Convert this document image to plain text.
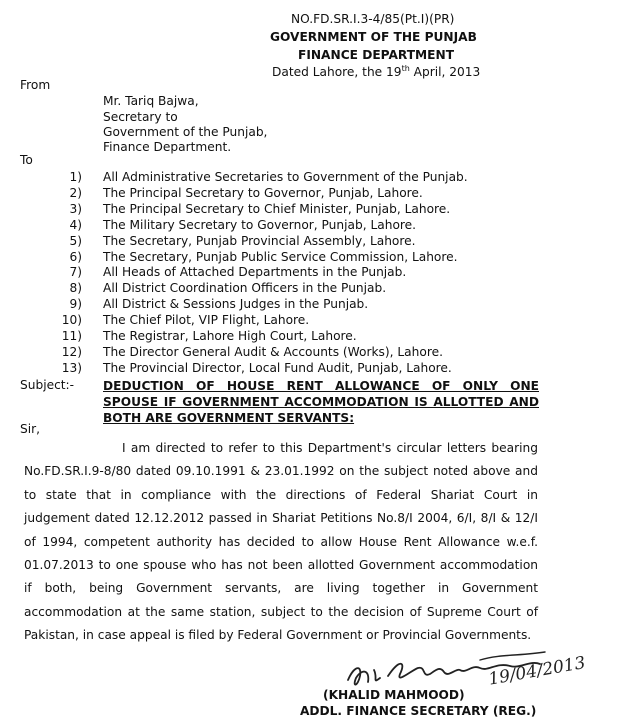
NO.FD.SR.I.3-4/85(Pt.I)(PR)
GOVERNMENT OF THE PUNJAB
FINANCE DEPARTMENT
Dated Lahore, the 19th April, 2013
From
Mr. Tariq Bajwa,
Secretary to
Government of the Punjab,
Finance Department.
To
1) All Administrative Secretaries to Government of the Punjab.
2) The Principal Secretary to Governor, Punjab, Lahore.
3) The Principal Secretary to Chief Minister, Punjab, Lahore.
4) The Military Secretary to Governor, Punjab, Lahore.
5) The Secretary, Punjab Provincial Assembly, Lahore.
6) The Secretary, Punjab Public Service Commission, Lahore.
7) All Heads of Attached Departments in the Punjab.
8) All District Coordination Officers in the Punjab.
9) All District & Sessions Judges in the Punjab.
10) The Chief Pilot, VIP Flight, Lahore.
11) The Registrar, Lahore High Court, Lahore.
12) The Director General Audit & Accounts (Works), Lahore.
13) The Provincial Director, Local Fund Audit, Punjab, Lahore.
Subject:- DEDUCTION OF HOUSE RENT ALLOWANCE OF ONLY ONE SPOUSE IF GOVERNMENT ACCOMMODATION IS ALLOTTED AND BOTH ARE GOVERNMENT SERVANTS:
Sir,

I am directed to refer to this Department's circular letters bearing No.FD.SR.I.9-8/80 dated 09.10.1991 & 23.01.1992 on the subject noted above and to state that in compliance with the directions of Federal Shariat Court in judgement dated 12.12.2012 passed in Shariat Petitions No.8/I 2004, 6/I, 8/I & 12/I of 1994, competent authority has decided to allow House Rent Allowance w.e.f. 01.07.2013 to one spouse who has not been allotted Government accommodation if both, being Government servants, are living together in Government accommodation at the same station, subject to the decision of Supreme Court of Pakistan, in case appeal is filed by Federal Government or Provincial Governments.

19/04/2013
(KHALID MAHMOOD)
ADDL. FINANCE SECRETARY (REG.)
